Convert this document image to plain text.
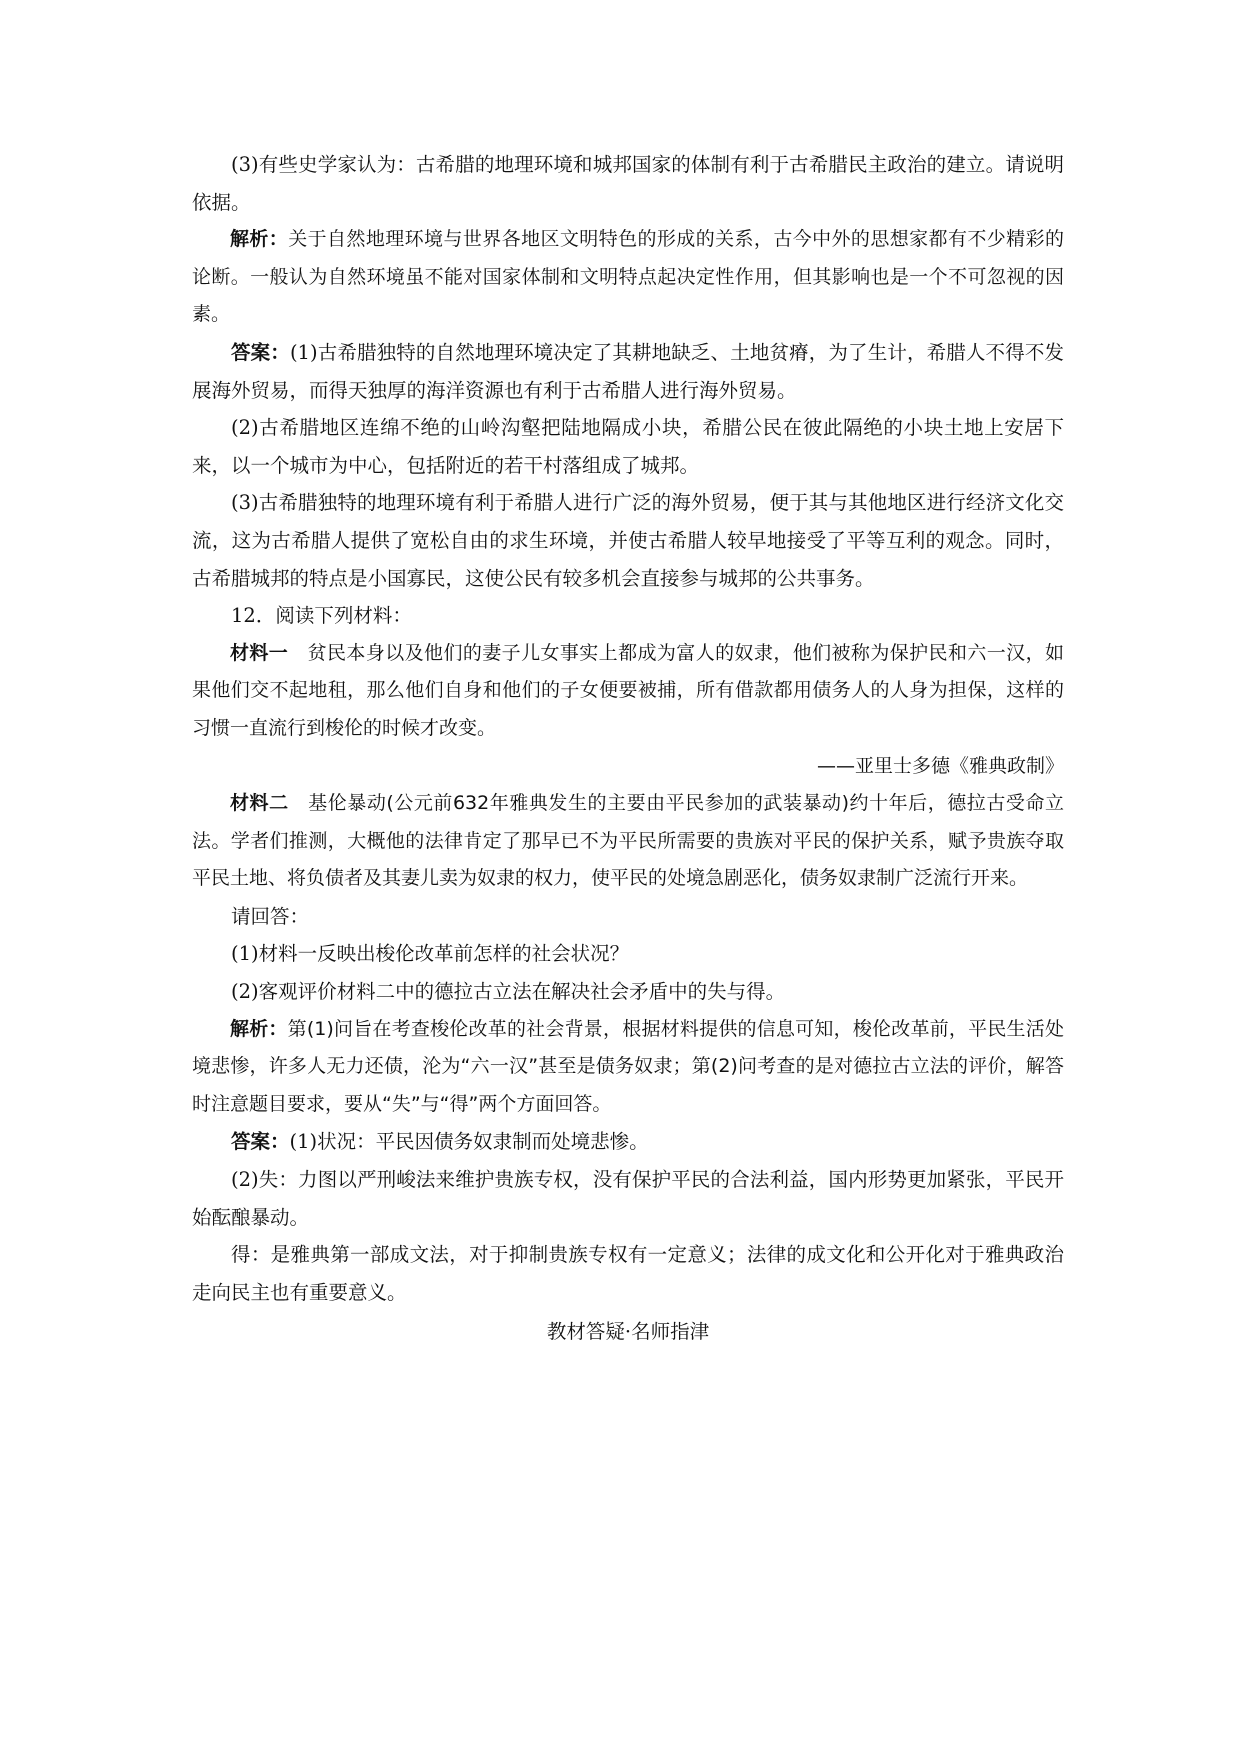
(3)有些史学家认为：古希腊的地理环境和城邦国家的体制有利于古希腊民主政治的建立。请说明依据。

解析：关于自然地理环境与世界各地区文明特色的形成的关系，古今中外的思想家都有不少精彩的论断。一般认为自然环境虽不能对国家体制和文明特点起决定性作用，但其影响也是一个不可忽视的因素。

答案：(1)古希腊独特的自然地理环境决定了其耕地缺乏、土地贫瘠，为了生计，希腊人不得不发展海外贸易，而得天独厚的海洋资源也有利于古希腊人进行海外贸易。

(2)古希腊地区连绵不绝的山岭沟壑把陆地隔成小块，希腊公民在彼此隔绝的小块土地上安居下来，以一个城市为中心，包括附近的若干村落组成了城邦。

(3)古希腊独特的地理环境有利于希腊人进行广泛的海外贸易，便于其与其他地区进行经济文化交流，这为古希腊人提供了宽松自由的求生环境，并使古希腊人较早地接受了平等互利的观念。同时，古希腊城邦的特点是小国寡民，这使公民有较多机会直接参与城邦的公共事务。

12．阅读下列材料：

材料一 贫民本身以及他们的妻子儿女事实上都成为富人的奴隶，他们被称为保护民和六一汉，如果他们交不起地租，那么他们自身和他们的子女便要被捕，所有借款都用债务人的人身为担保，这样的习惯一直流行到梭伦的时候才改变。

——亚里士多德《雅典政制》

材料二 基伦暴动(公元前632年雅典发生的主要由平民参加的武装暴动)约十年后，德拉古受命立法。学者们推测，大概他的法律肯定了那早已不为平民所需要的贵族对平民的保护关系，赋予贵族夺取平民土地、将负债者及其妻儿卖为奴隶的权力，使平民的处境急剧恶化，债务奴隶制广泛流行开来。

请回答：

(1)材料一反映出梭伦改革前怎样的社会状况？

(2)客观评价材料二中的德拉古立法在解决社会矛盾中的失与得。

解析：第(1)问旨在考查梭伦改革的社会背景，根据材料提供的信息可知，梭伦改革前，平民生活处境悲惨，许多人无力还债，沦为“六一汉”甚至是债务奴隶；第(2)问考查的是对德拉古立法的评价，解答时注意题目要求，要从“失”与“得”两个方面回答。

答案：(1)状况：平民因债务奴隶制而处境悲惨。

(2)失：力图以严刑峻法来维护贵族专权，没有保护平民的合法利益，国内形势更加紧张，平民开始酝酿暴动。

得：是雅典第一部成文法，对于抑制贵族专权有一定意义；法律的成文化和公开化对于雅典政治走向民主也有重要意义。

教材答疑·名师指津
